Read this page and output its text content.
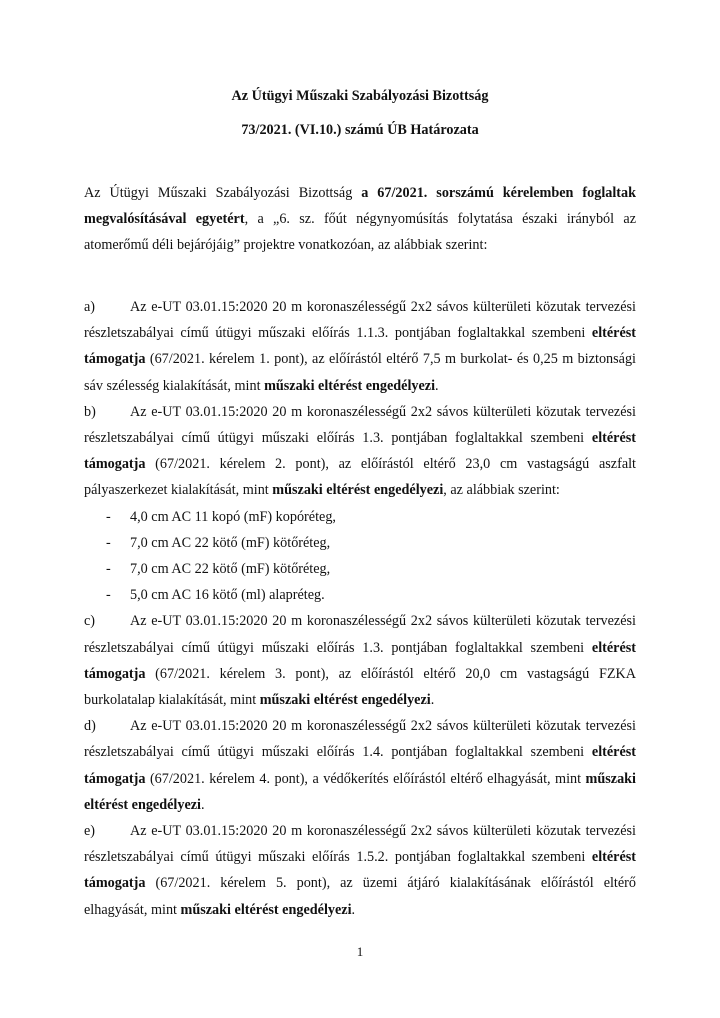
Az Útügyi Műszaki Szabályozási Bizottság
73/2021. (VI.10.) számú ÚB Határozata
Az Útügyi Műszaki Szabályozási Bizottság a 67/2021. sorszámú kérelemben foglaltak megvalósításával egyetért, a „6. sz. főút négynyomúsítás folytatása északi irányból az atomerőmű déli bejárójáig” projektre vonatkozóan, az alábbiak szerint:
a) Az e-UT 03.01.15:2020 20 m koronaszélességű 2x2 sávos külterületi közutak tervezési részletszabályai című útügyi műszaki előírás 1.1.3. pontjában foglaltakkal szembeni eltérést támogatja (67/2021. kérelem 1. pont), az előírástól eltérő 7,5 m burkolat- és 0,25 m biztonsági sáv szélesség kialakítását, mint műszaki eltérést engedélyezi.
b) Az e-UT 03.01.15:2020 20 m koronaszélességű 2x2 sávos külterületi közutak tervezési részletszabályai című útügyi műszaki előírás 1.3. pontjában foglaltakkal szembeni eltérést támogatja (67/2021. kérelem 2. pont), az előírástól eltérő 23,0 cm vastagságú aszfalt pályaszerkezet kialakítását, mint műszaki eltérést engedélyezi, az alábbiak szerint:
- 4,0 cm AC 11 kopó (mF) kopóréteg,
- 7,0 cm AC 22 kötő (mF) kötőréteg,
- 7,0 cm AC 22 kötő (mF) kötőréteg,
- 5,0 cm AC 16 kötő (ml) alapréteg.
c) Az e-UT 03.01.15:2020 20 m koronaszélességű 2x2 sávos külterületi közutak tervezési részletszabályai című útügyi műszaki előírás 1.3. pontjában foglaltakkal szembeni eltérést támogatja (67/2021. kérelem 3. pont), az előírástól eltérő 20,0 cm vastagságú FZKA burkolatalap kialakítását, mint műszaki eltérést engedélyezi.
d) Az e-UT 03.01.15:2020 20 m koronaszélességű 2x2 sávos külterületi közutak tervezési részletszabályai című útügyi műszaki előírás 1.4. pontjában foglaltakkal szembeni eltérést támogatja (67/2021. kérelem 4. pont), a védőkerítés előírástól eltérő elhagyását, mint műszaki eltérést engedélyezi.
e) Az e-UT 03.01.15:2020 20 m koronaszélességű 2x2 sávos külterületi közutak tervezési részletszabályai című útügyi műszaki előírás 1.5.2. pontjában foglaltakkal szembeni eltérést támogatja (67/2021. kérelem 5. pont), az üzemi átjáró kialakításának előírástól eltérő elhagyását, mint műszaki eltérést engedélyezi.
1
